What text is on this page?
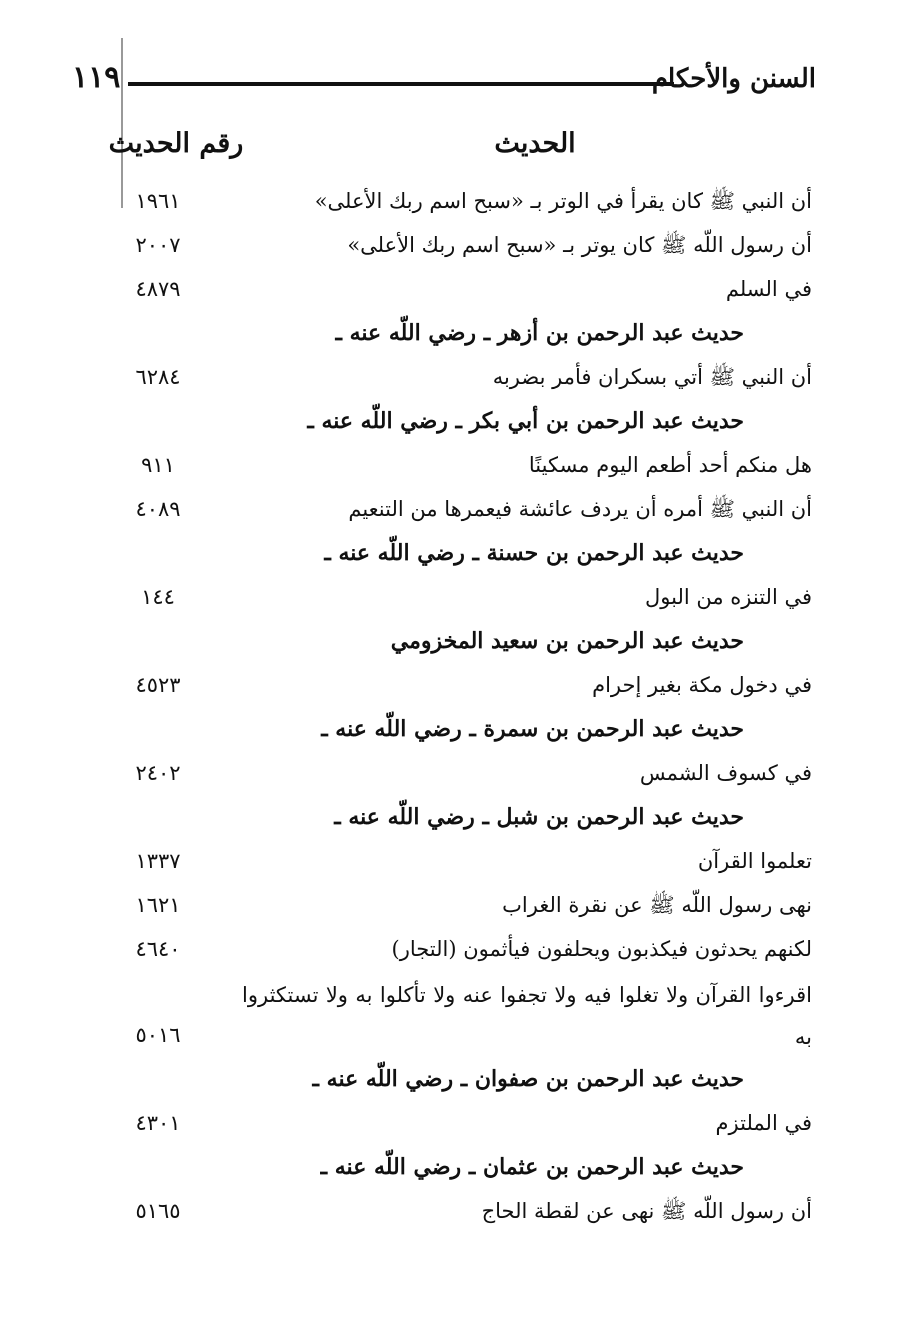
١١٩	السنن والأحكام
الحديث
رقم الحديث
أن النبي ﷺ كان يقرأ في الوتر بـ «سبح اسم ربك الأعلى»
١٩٦١
أن رسول اللّه ﷺ كان يوتر بـ «سبح اسم ربك الأعلى»
٢٠٠٧
في السلم
٤٨٧٩
حديث عبد الرحمن بن أزهر ـ رضي اللّه عنه ـ
أن النبي ﷺ أتي بسكران فأمر بضربه
٦٢٨٤
حديث عبد الرحمن بن أبي بكر ـ رضي اللّه عنه ـ
هل منكم أحد أطعم اليوم مسكينًا
٩١١
أن النبي ﷺ أمره أن يردف عائشة فيعمرها من التنعيم
٤٠٨٩
حديث عبد الرحمن بن حسنة ـ رضي اللّه عنه ـ
في التنزه من البول
١٤٤
حديث عبد الرحمن بن سعيد المخزومي
في دخول مكة بغير إحرام
٤٥٢٣
حديث عبد الرحمن بن سمرة ـ رضي اللّه عنه ـ
في كسوف الشمس
٢٤٠٢
حديث عبد الرحمن بن شبل ـ رضي اللّه عنه ـ
تعلموا القرآن
١٣٣٧
نهى رسول اللّه ﷺ عن نقرة الغراب
١٦٢١
لكنهم يحدثون فيكذبون ويحلفون فيأثمون (التجار)
٤٦٤٠
اقرءوا القرآن ولا تغلوا فيه ولا تجفوا عنه ولا تأكلوا به ولا تستكثروا به
٥٠١٦
حديث عبد الرحمن بن صفوان ـ رضي اللّه عنه ـ
في الملتزم
٤٣٠١
حديث عبد الرحمن بن عثمان ـ رضي اللّه عنه ـ
أن رسول اللّه ﷺ نهى عن لقطة الحاج
٥١٦٥
